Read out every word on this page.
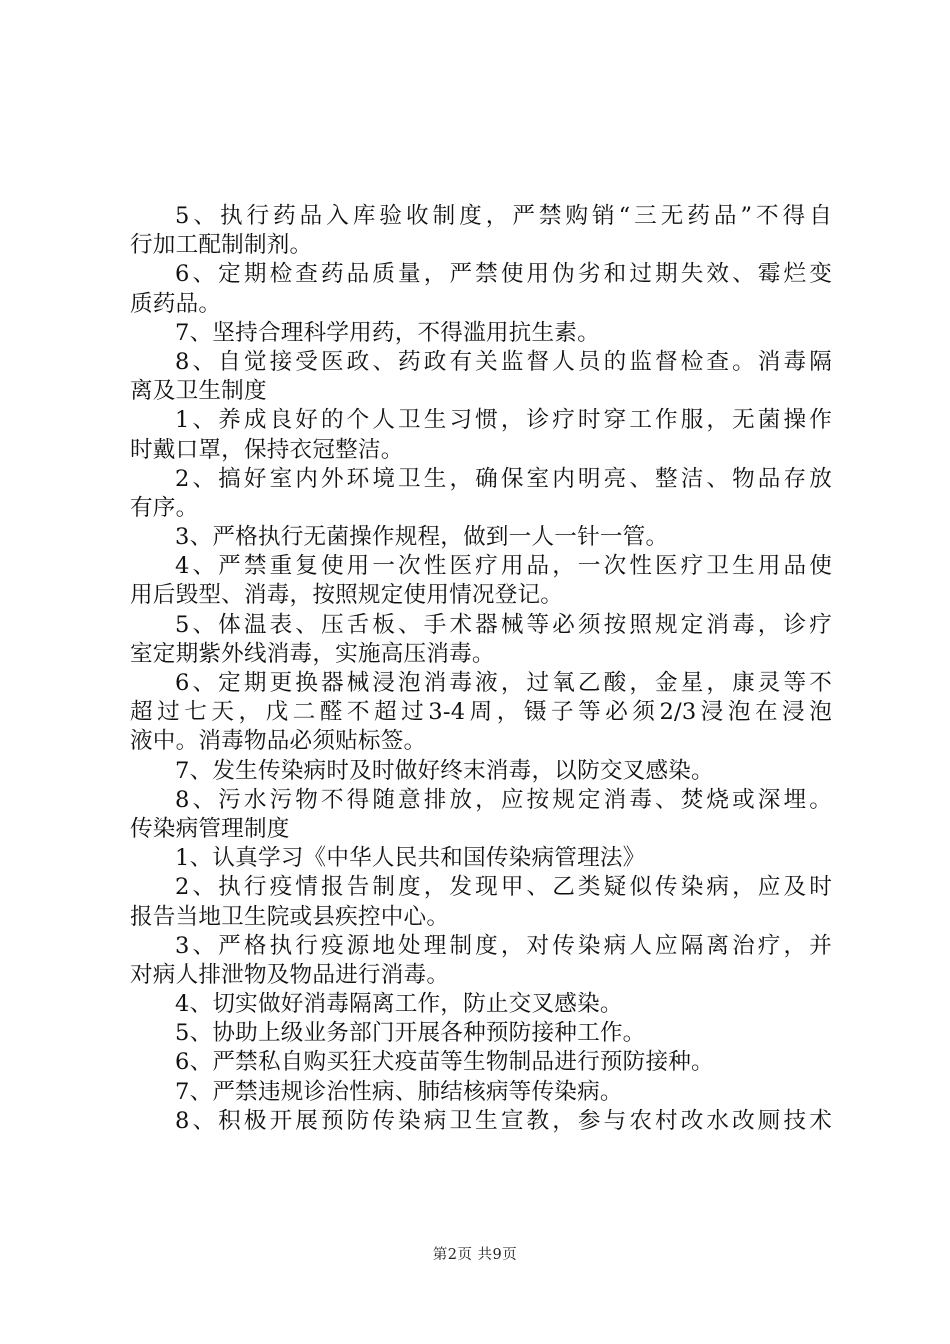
5、执行药品入库验收制度，严禁购销“三无药品”不得自
行加工配制制剂。
6、定期检查药品质量，严禁使用伪劣和过期失效、霉烂变
质药品。
7、坚持合理科学用药，不得滥用抗生素。
8、自觉接受医政、药政有关监督人员的监督检查。消毒隔
离及卫生制度
1、养成良好的个人卫生习惯，诊疗时穿工作服，无菌操作
时戴口罩，保持衣冠整洁。
2、搞好室内外环境卫生，确保室内明亮、整洁、物品存放
有序。
3、严格执行无菌操作规程，做到一人一针一管。
4、严禁重复使用一次性医疗用品，一次性医疗卫生用品使
用后毁型、消毒，按照规定使用情况登记。
5、体温表、压舌板、手术器械等必须按照规定消毒，诊疗
室定期紫外线消毒，实施高压消毒。
6、定期更换器械浸泡消毒液，过氧乙酸，金星，康灵等不
超过七天，戊二醛不超过3-4周，镊子等必须2/3浸泡在浸泡
液中。消毒物品必须贴标签。
7、发生传染病时及时做好终末消毒，以防交叉感染。
8、污水污物不得随意排放，应按规定消毒、焚烧或深埋。
传染病管理制度
1、认真学习《中华人民共和国传染病管理法》
2、执行疫情报告制度，发现甲、乙类疑似传染病，应及时
报告当地卫生院或县疾控中心。
3、严格执行疫源地处理制度，对传染病人应隔离治疗，并
对病人排泄物及物品进行消毒。
4、切实做好消毒隔离工作，防止交叉感染。
5、协助上级业务部门开展各种预防接种工作。
6、严禁私自购买狂犬疫苗等生物制品进行预防接种。
7、严禁违规诊治性病、肺结核病等传染病。
8、积极开展预防传染病卫生宣教，参与农村改水改厕技术
第2页 共9页
